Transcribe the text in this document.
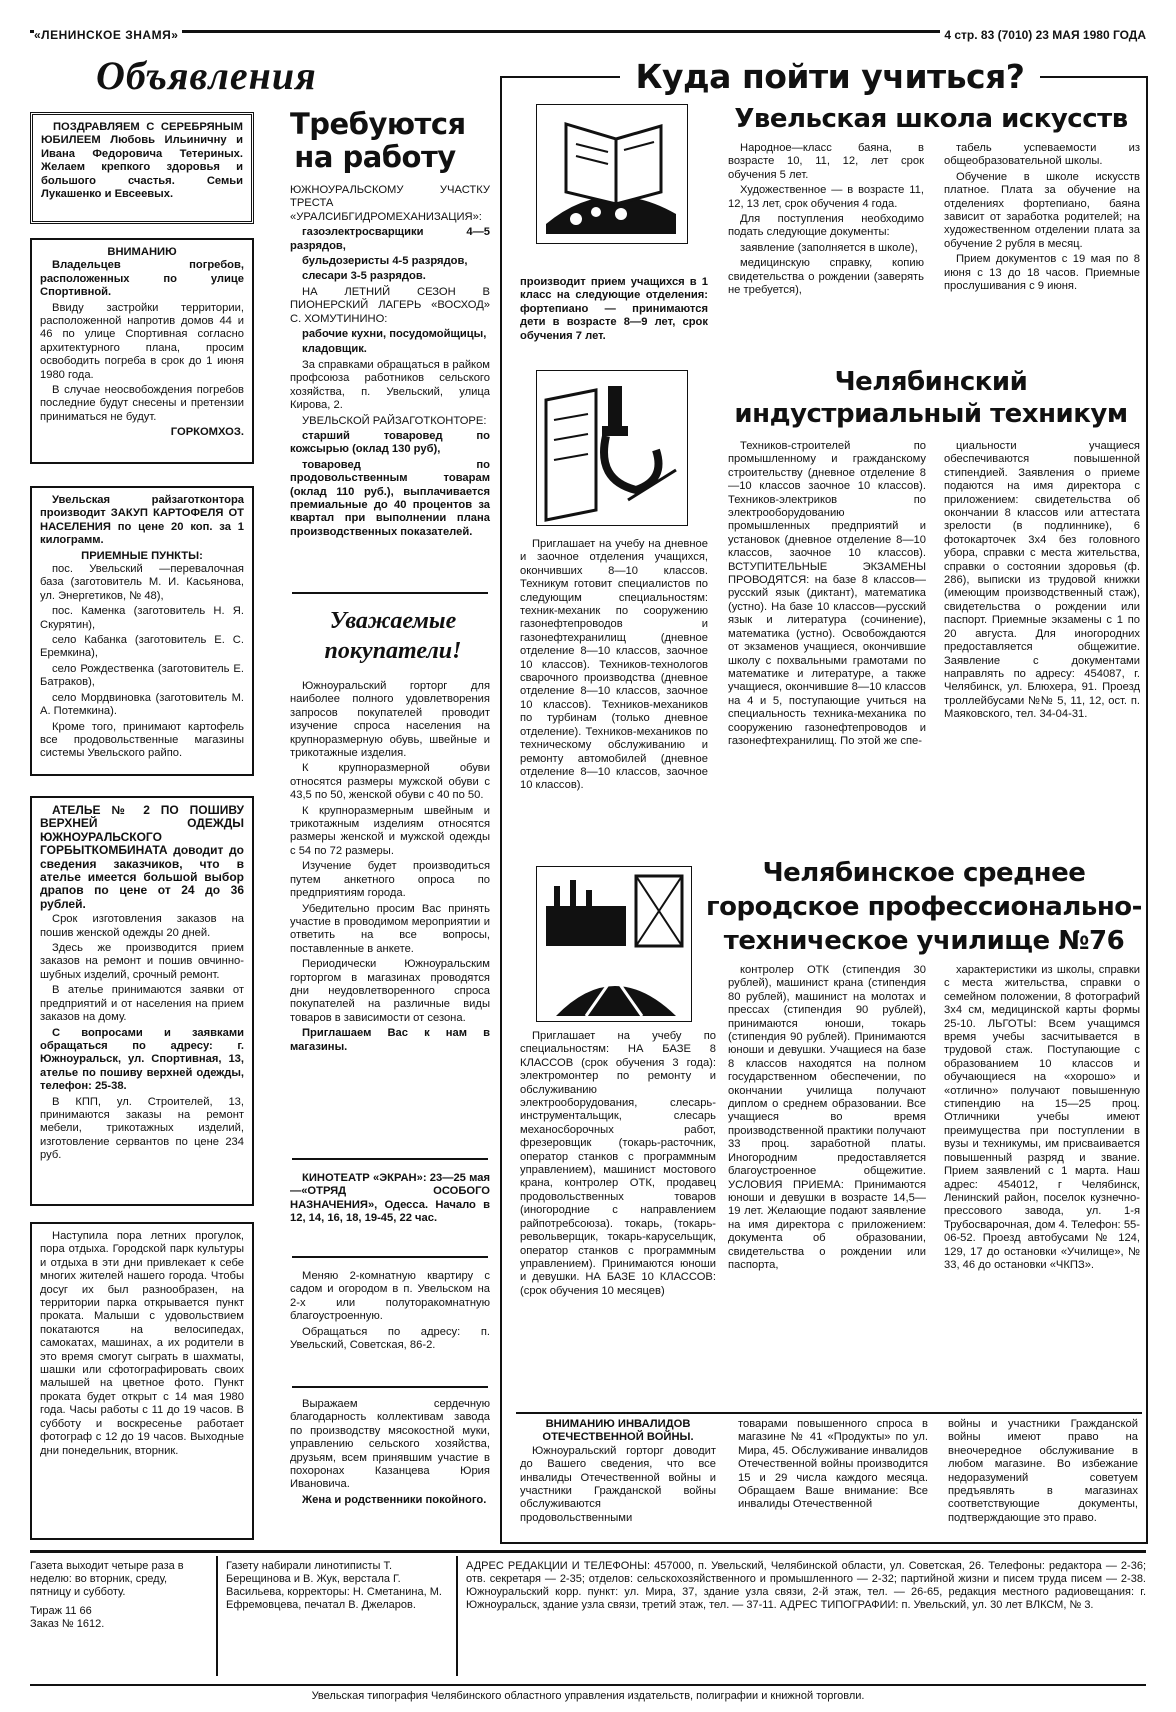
«ЛЕНИНСКОЕ ЗНАМЯ»	4 стр. 83 (7010) 23 МАЯ 1980 ГОДА
Объявления

ПОЗДРАВЛЯЕМ С СЕРЕБРЯНЫМ ЮБИЛЕЕМ Любовь Ильиничну и Ивана Федоровича Тетериных. Желаем крепкого здоровья и большого счастья. Семьи Лукашенко и Евсеевых.

ВНИМАНИЮ

Владельцев погребов, расположенных по улице Спортивной.

Ввиду застройки территории, расположенной напротив домов 44 и 46 по улице Спортивная согласно архитектурного плана, просим освободить погреба в срок до 1 июня 1980 года.

В случае неосвобождения погребов последние будут снесены и претензии приниматься не будут.

ГОРКОМХОЗ.

Увельская райзаготконтора производит ЗАКУП КАРТОФЕЛЯ ОТ НАСЕЛЕНИЯ по цене 20 коп. за 1 килограмм.

ПРИЕМНЫЕ ПУНКТЫ:

пос. Увельский —перевалочная база (заготовитель М. И. Касьянова, ул. Энергетиков, № 48),

пос. Каменка (заготовитель Н. Я. Скурятин),

село Кабанка (заготовитель Е. С. Еремкина),

село Рождественка (заготовитель Е. Батраков),

село Мордвиновка (заготовитель М. А. Потемкина).

Кроме того, принимают картофель все продовольственные магазины системы Увельского райпо.

АТЕЛЬЕ № 2 ПО ПОШИВУ ВЕРХНЕЙ ОДЕЖДЫ ЮЖНОУРАЛЬСКОГО ГОРБЫТКОМБИНАТА доводит до сведения заказчиков, что в ателье имеется большой выбор драпов по цене от 24 до 36 рублей.

Срок изготовления заказов на пошив женской одежды 20 дней.

Здесь же производится прием заказов на ремонт и пошив овчинно-шубных изделий, срочный ремонт.

В ателье принимаются заявки от предприятий и от населения на прием заказов на дому.

С вопросами и заявками обращаться по адресу: г. Южноуральск, ул. Спортивная, 13, ателье по пошиву верхней одежды, телефон: 25-38.

В КПП, ул. Строителей, 13, принимаются заказы на ремонт мебели, трикотажных изделий, изготовление сервантов по цене 234 руб.

Наступила пора летних прогулок, пора отдыха. Городской парк культуры и отдыха в эти дни привлекает к себе многих жителей нашего города. Чтобы досуг их был разнообразен, на территории парка открывается пункт проката. Малыши с удовольствием покатаются на велосипедах, самокатах, машинах, а их родители в это время смогут сыграть в шахматы, шашки или сфотографировать своих малышей на цветное фото. Пункт проката будет открыт с 14 мая 1980 года. Часы работы с 11 до 19 часов. В субботу и воскресенье работает фотограф с 12 до 19 часов. Выходные дни понедельник, вторник.

Требуются на работу

ЮЖНОУРАЛЬСКОМУ УЧАСТКУ ТРЕСТА «УРАЛСИБГИДРОМЕХАНИЗАЦИЯ»:

газоэлектросварщики 4—5 разрядов,

бульдозеристы 4-5 разрядов,

слесари 3-5 разрядов.

НА ЛЕТНИЙ СЕЗОН В ПИОНЕРСКИЙ ЛАГЕРЬ «ВОСХОД» С. ХОМУТИНИНО:

рабочие кухни, посудомойщицы,

кладовщик.

За справками обращаться в райком профсоюза работников сельского хозяйства, п. Увельский, улица Кирова, 2.

УВЕЛЬСКОЙ РАЙЗАГОТКОНТОРЕ:

старший товаровед по кожсырью (оклад 130 руб),

товаровед по продовольственным товарам (оклад 110 руб.), выплачивается премиальные до 40 процентов за квартал при выполнении плана производственных показателей.

Уважаемые покупатели!

Южноуральский горторг для наиболее полного удовлетворения запросов покупателей проводит изучение спроса населения на крупноразмерную обувь, швейные и трикотажные изделия.

К крупноразмерной обуви относятся размеры мужской обуви с 43,5 по 50, женской обуви с 40 по 50.

К крупноразмерным швейным и трикотажным изделиям относятся размеры женской и мужской одежды с 54 по 72 размеры.

Изучение будет производиться путем анкетного опроса по предприятиям города.

Убедительно просим Вас принять участие в проводимом мероприятии и ответить на все вопросы, поставленные в анкете.

Периодически Южноуральским горторгом в магазинах проводятся дни неудовлетворенного спроса покупателей на различные виды товаров в зависимости от сезона.

Приглашаем Вас к нам в магазины.

КИНОТЕАТР «ЭКРАН»: 23—25 мая—«ОТРЯД ОСОБОГО НАЗНАЧЕНИЯ», Одесса. Начало в 12, 14, 16, 18, 19-45, 22 час.

Меняю 2-комнатную квартиру с садом и огородом в п. Увельском на 2-х или полуторакомнатную благоустроенную.

Обращаться по адресу: п. Увельский, Советская, 86-2.

Выражаем сердечную благодарность коллективам завода по производству мясокостной муки, управлению сельского хозяйства, друзьям, всем принявшим участие в похоронах Казанцева Юрия Ивановича.

Жена и родственники покойного.

Куда пойти учиться?
Увельская школа искусств

производит прием учащихся в 1 класс на следующие отделения: фортепиано — принимаются дети в возрасте 8—9 лет, срок обучения 7 лет.

Народное—класс баяна, в возрасте 10, 11, 12, лет срок обучения 5 лет.

Художественное — в возрасте 11, 12, 13 лет, срок обучения 4 года.

Для поступления необходимо подать следующие документы:

заявление (заполняется в школе),

медицинскую справку, копию свидетельства о рождении (заверять не требуется),

табель успеваемости из общеобразовательной школы.

Обучение в школе искусств платное. Плата за обучение на отделениях фортепиано, баяна зависит от заработка родителей; на художественном отделении плата за обучение 2 рубля в месяц.

Прием документов с 19 мая по 8 июня с 13 до 18 часов. Приемные прослушивания с 9 июня.

Челябинский индустриальный техникум

Приглашает на учебу на дневное и заочное отделения учащихся, окончивших 8—10 классов. Техникум готовит специалистов по следующим специальностям: техник-механик по сооружению газонефтепроводов и газонефтехранилищ (дневное отделение 8—10 классов, заочное 10 классов). Техников-технологов сварочного производства (дневное отделение 8—10 классов, заочное 10 классов). Техников-механиков по турбинам (только дневное отделение). Техников-механиков по техническому обслуживанию и ремонту автомобилей (дневное отделение 8—10 классов, заочное 10 классов).

Техников-строителей по промышленному и гражданскому строительству (дневное отделение 8—10 классов заочное 10 классов). Техников-электриков по электрооборудованию промышленных предприятий и установок (дневное отделение 8—10 классов, заочное 10 классов). ВСТУПИТЕЛЬНЫЕ ЭКЗАМЕНЫ ПРОВОДЯТСЯ: на базе 8 классов—русский язык (диктант), математика (устно). На базе 10 классов—русский язык и литература (сочинение), математика (устно). Освобождаются от экзаменов учащиеся, окончившие школу с похвальными грамотами по математике и литературе, а также учащиеся, окончившие 8—10 классов на 4 и 5, поступающие учиться на специальность техника-механика по сооружению газонефтепроводов и газонефтехранилищ. По этой же спе-

циальности учащиеся обеспечиваются повышенной стипендией. Заявления о приеме подаются на имя директора с приложением: свидетельства об окончании 8 классов или аттестата зрелости (в подлиннике), 6 фотокарточек 3х4 без головного убора, справки с места жительства, справки о состоянии здоровья (ф. 286), выписки из трудовой книжки (имеющим производственный стаж), свидетельства о рождении или паспорт. Приемные экзамены с 1 по 20 августа. Для иногородних предоставляется общежитие. Заявление с документами направлять по адресу: 454087, г. Челябинск, ул. Блюхера, 91. Проезд троллейбусами №№ 5, 11, 12, ост. п. Маяковского, тел. 34-04-31.

Челябинское среднее городское профессионально-техническое училище №76

Приглашает на учебу по специальностям: НА БАЗЕ 8 КЛАССОВ (срок обучения 3 года): электромонтер по ремонту и обслуживанию электрооборудования, слесарь-инструментальщик, слесарь механосборочных работ, фрезеровщик (токарь-расточник, оператор станков с программным управлением), машинист мостового крана, контролер ОТК, продавец продовольственных товаров (иногородние с направлением райпотребсоюза). токарь, (токарь-револьверщик, токарь-карусельщик, оператор станков с программным управлением). Принимаются юноши и девушки. НА БАЗЕ 10 КЛАССОВ: (срок обучения 10 месяцев)

контролер ОТК (стипендия 30 рублей), машинист крана (стипендия 80 рублей), машинист на молотах и прессах (стипендия 90 рублей), принимаются юноши, токарь (стипендия 90 рублей). Принимаются юноши и девушки. Учащиеся на базе 8 классов находятся на полном государственном обеспечении, по окончании училища получают диплом о среднем образовании. Все учащиеся во время производственной практики получают 33 проц. заработной платы. Иногородним предоставляется благоустроенное общежитие. УСЛОВИЯ ПРИЕМА: Принимаются юноши и девушки в возрасте 14,5—19 лет. Желающие подают заявление на имя директора с приложением: документа об образовании, свидетельства о рождении или паспорта,

характеристики из школы, справки с места жительства, справки о семейном положении, 8 фотографий 3х4 см, медицинской карты формы 25-10. ЛЬГОТЫ: Всем учащимся время учебы засчитывается в трудовой стаж. Поступающие с образованием 10 классов и обучающиеся на «хорошо» и «отлично» получают повышенную стипендию на 15—25 проц. Отличники учебы имеют преимущества при поступлении в вузы и техникумы, им присваивается повышенный разряд и звание. Прием заявлений с 1 марта. Наш адрес: 454012, г Челябинск, Ленинский район, поселок кузнечно-прессового завода, ул. 1-я Трубосварочная, дом 4. Телефон: 55-06-52. Проезд автобусами № 124, 129, 17 до остановки «Училище», № 33, 46 до остановки «ЧКПЗ».

ВНИМАНИЮ ИНВАЛИДОВ ОТЕЧЕСТВЕННОЙ ВОЙНЫ.

Южноуральский горторг доводит до Вашего сведения, что все инвалиды Отечественной войны и участники Гражданской войны обслуживаются продовольственными

товарами повышенного спроса в магазине № 41 «Продукты» по ул. Мира, 45. Обслуживание инвалидов Отечественной войны производится 15 и 29 числа каждого месяца. Обращаем Ваше внимание: Все инвалиды Отечественной

войны и участники Гражданской войны имеют право на внеочередное обслуживание в любом магазине. Во избежание недоразумений советуем предъявлять в магазинах соответствующие документы, подтверждающие это право.

Газета выходит четыре раза в неделю: во вторник, среду, пятницу и субботу.
Тираж 11 66
Заказ № 1612.
Газету набирали линотиписты Т. Берещинова и В. Жук, верстала Г. Васильева, корректоры: Н. Сметанина, М. Ефремовцева, печатал В. Джеларов.
АДРЕС РЕДАКЦИИ И ТЕЛЕФОНЫ: 457000, п. Увельский, Челябинской области, ул. Советская, 26. Телефоны: редактора — 2-36; отв. секретаря — 2-35; отделов: сельскохозяйственного и промышленного — 2-32; партийной жизни и писем труда писем — 2-38. Южноуральский корр. пункт: ул. Мира, 37, здание узла связи, 2-й этаж, тел. — 26-65, редакция местного радиовещания: г. Южноуральск, здание узла связи, третий этаж, тел. — 37-11. АДРЕС ТИПОГРАФИИ: п. Увельский, ул. 30 лет ВЛКСМ, № 3.
Увельская типография Челябинского областного управления издательств, полиграфии и книжной торговли.
